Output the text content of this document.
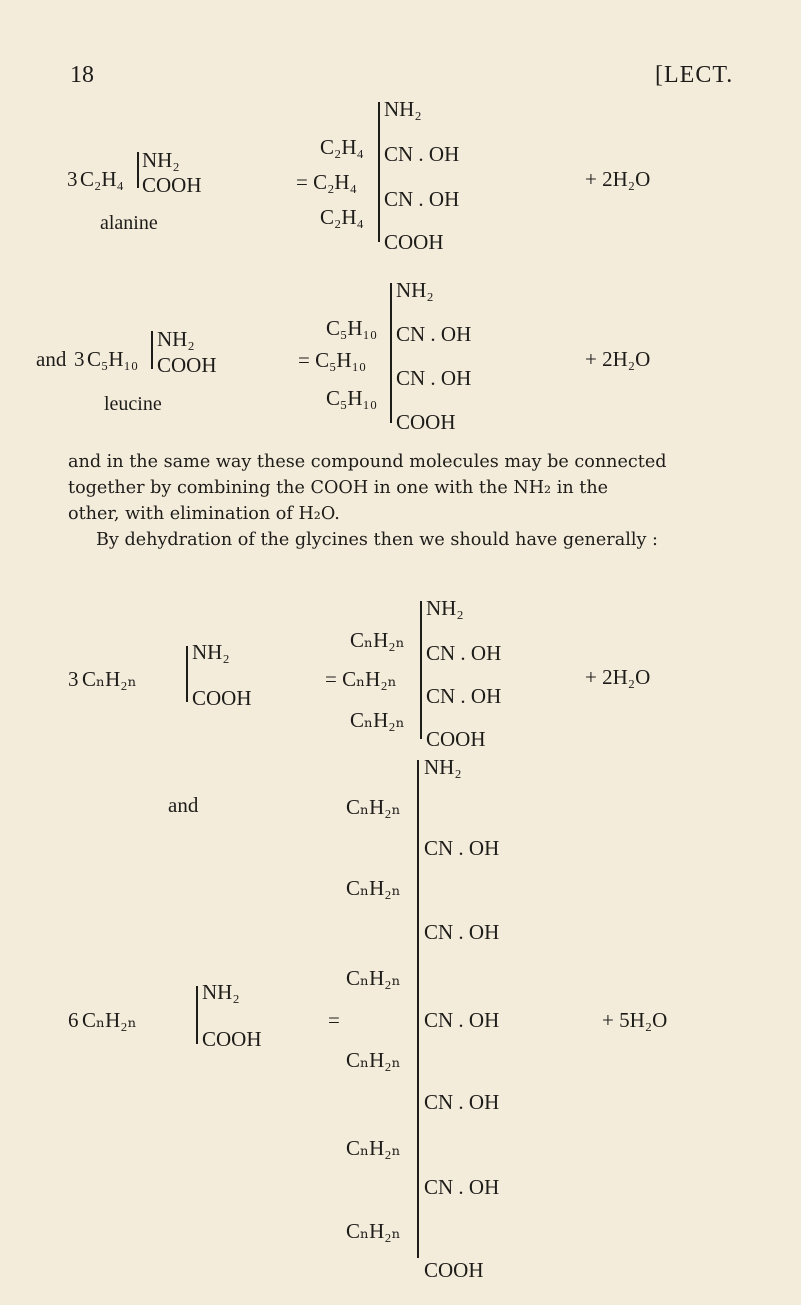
18	[LECT.
3 C₂H₄
NH₂
COOH
alanine
C₂H₄
= C₂H₄
C₂H₄
NH₂
CN . OH
CN . OH
COOH
+ 2H₂O
and 3 C₅H₁₀
NH₂
COOH
leucine
C₅H₁₀
= C₅H₁₀
C₅H₁₀
NH₂
CN . OH
CN . OH
COOH
+ 2H₂O
and in the same way these compound molecules may be connected
together by combining the COOH in one with the NH₂ in the
other, with elimination of H₂O.
By dehydration of the glycines then we should have generally :
3 CₙH₂ₙ
NH₂
COOH
CₙH₂ₙ
= CₙH₂ₙ
CₙH₂ₙ
NH₂
CN . OH
CN . OH
COOH
+ 2H₂O
and
6 CₙH₂ₙ
NH₂
COOH
=
CₙH₂ₙ
CₙH₂ₙ
CₙH₂ₙ
CₙH₂ₙ
CₙH₂ₙ
CₙH₂ₙ
NH₂
CN . OH
CN . OH
CN . OH
CN . OH
CN . OH
COOH
+ 5H₂O
